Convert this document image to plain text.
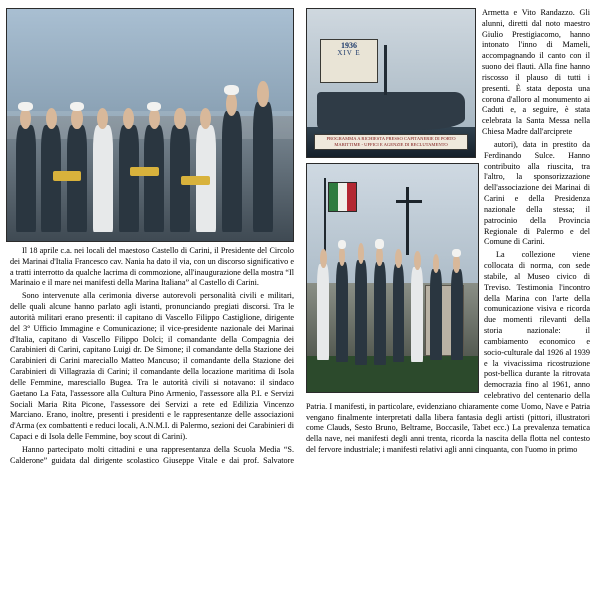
Il 18 aprile c.a. nei locali del maestoso Castello di Carini, il Presidente del Circolo dei Marinai d'Italia Francesco cav. Nania ha dato il via, con un discorso significativo e a tratti interrotto da qualche lacrima di commozione, all'inaugurazione della mostra “Il Marinaio e il mare nei manifesti della Marina Italiana” al Castello di Carini.

Sono intervenute alla cerimonia diverse autorevoli personalità civili e militari, delle quali alcune hanno parlato agli istanti, pronunciando pregiati discorsi. Tra le autorità militari erano presenti: il capitano di Vascello Filippo Castiglione, dirigente del 3° Ufficio Immagine e Comunicazione; il vice-presidente nazionale dei Marinai d'Italia, capitano di Vascello Filippo Dolci; il comandante della Compagnia dei Carabinieri di Carini, capitano Luigi dr. De Simone; il comandante della Stazione dei Carabinieri di Carini mareciallo Matteo Mancuso; il comandante della Stazione dei Carabinieri di Villagrazia di Carini; il comandante della locazione maritima di Isola delle Femmine, maresciallo Bugea. Tra le autorità civili si notavano: il sindaco Gaetano La Fata, l'assessore alla Cultura Pino Armenio, l'assessore alla P.I. e Servizi Sociali Maria Rita Picone, l'assessore dei Servizi a rete ed Edilizia Vincenzo Marciano. Erano, inoltre, presenti i presidenti e le rappresentanze delle associazioni d'Arma (ex combattenti e reduci locali, A.N.M.I. di Palermo, sezioni dei Carabinieri di Capaci e di Isola delle Femmine, boy scout di Carini).

1936
XIV E
PROGRAMMA A RICHIESTA PRESSO CAPITANERIE DI PORTO MARITTIME - UFFICI E AGENZIE DI RECLUTAMENTO

Hanno partecipato molti cittadini e una rappresentanza della Scuola Media “S. Calderone” guidata dal dirigente scolastico Giuseppe Vitale e dai prof. Salvatore Armetta e Vito Randazzo. Gli alunni, diretti dal noto maestro Giulio Prestigiacomo, hanno intonato l'inno di Mameli, accompagnando il canto con il suono dei flauti. Alla fine hanno riscosso il plauso di tutti i presenti. È stata deposta una corona d'alloro al monumento ai Caduti e, a seguire, è stata celebrata la Santa Messa nella Chiesa Madre dall'arciprete

autori), data in prestito da Ferdinando Sulce. Hanno contribuito alla riuscita, tra l'altro, la sponsorizzazione dell'associazione dei Marinai di Carini e della Presidenza nazionale della stessa; il patrocinio della Provincia Regionale di Palermo e del Comune di Carini.

La collezione viene collocata di norma, con sede stabile, al Museo civico di Treviso. Testimonia l'incontro della Marina con l'arte della comunicazione visiva e ricorda due momenti rilevanti della storia nazionale: il cambiamento economico e socio-culturale dal 1926 al 1939 e la vivacissima ricostruzione post-bellica durante la ritrovata democrazia fino al 1961, anno celebrativo del centenario della Patria. I manifesti, in particolare, evidenziano chiaramente come Uomo, Nave e Patria vengano finalmente interpretati dalla libera fantasia degli artisti (pittori, illustratori come Clauds, Sesto Bruno, Beltrame, Boccasile, Tabet ecc.) La prevalenza tematica della nave, nei manifesti degli anni trenta, ricorda la nascita della flotta nel contesto del fervore industriale; i manifesti relativi agli anni cinquanta, con l'uomo in primo
